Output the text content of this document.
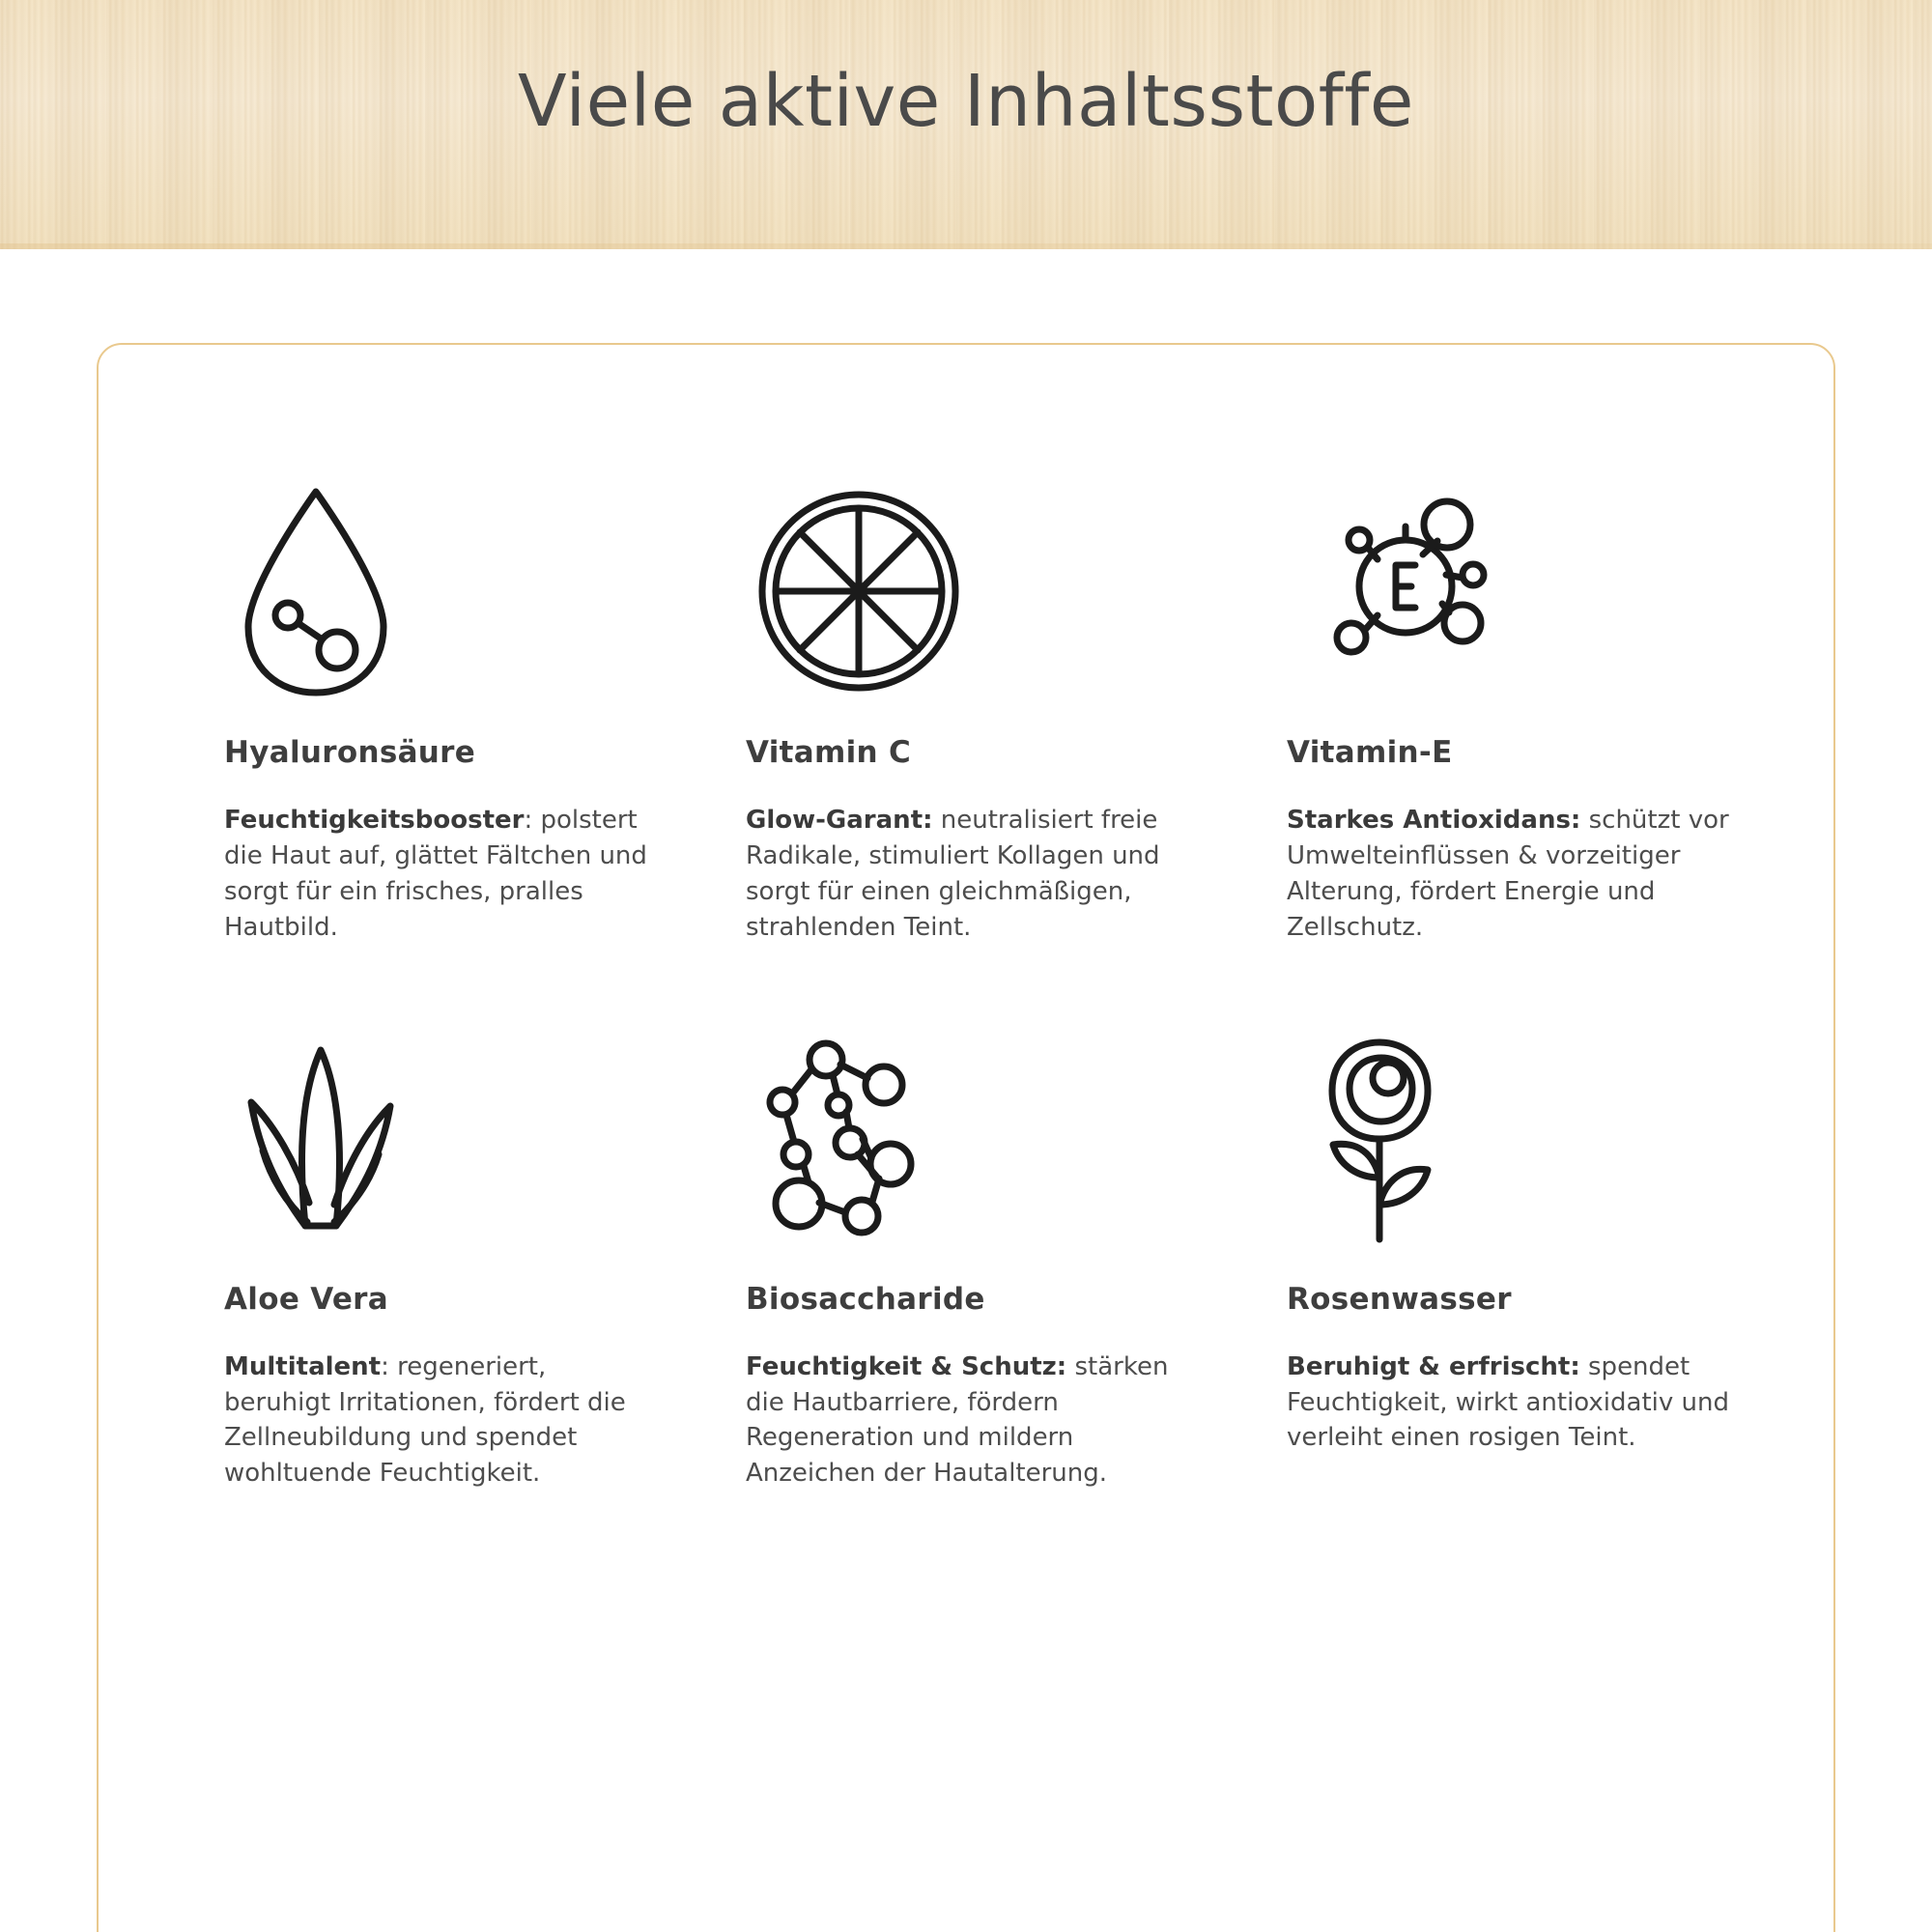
Viele aktive Inhaltsstoffe
Hyaluronsäure
Feuchtigkeitsbooster: polstert die Haut auf, glättet Fältchen und sorgt für ein frisches, pralles Hautbild.
Vitamin C
Glow-Garant: neutralisiert freie Radikale, stimuliert Kollagen und sorgt für einen gleichmäßigen, strahlenden Teint.
Vitamin-E
Starkes Antioxidans: schützt vor Umwelteinflüssen & vorzeitiger Alterung, fördert Energie und Zellschutz.
Aloe Vera
Multitalent: regeneriert, beruhigt Irritationen, fördert die Zellneubildung und spendet wohltuende Feuchtigkeit.
Biosaccharide
Feuchtigkeit & Schutz: stärken die Hautbarriere, fördern Regeneration und mildern Anzeichen der Hautalterung.
Rosenwasser
Beruhigt & erfrischt: spendet Feuchtigkeit, wirkt antioxidativ und verleiht einen rosigen Teint.
